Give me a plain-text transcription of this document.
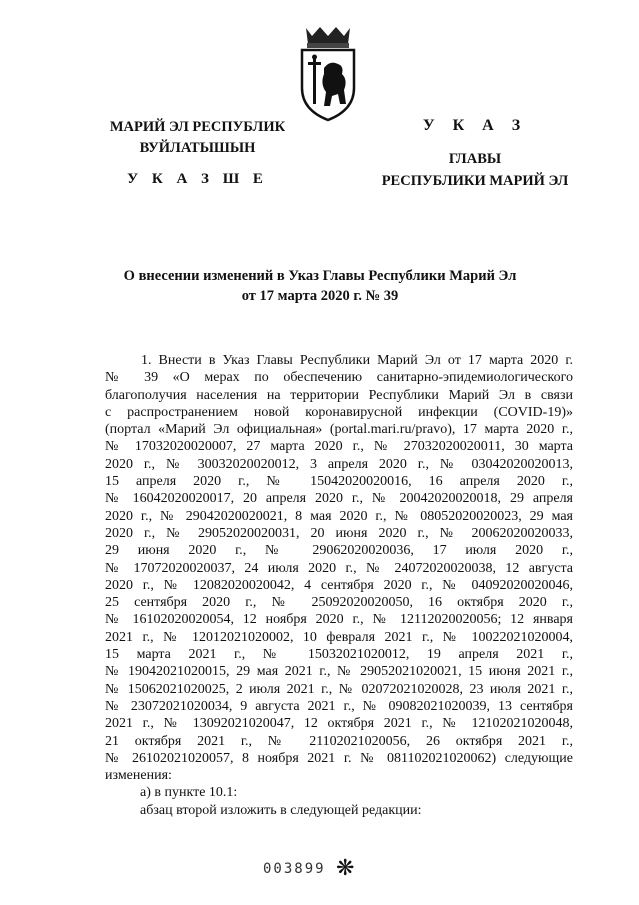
МАРИЙ ЭЛ РЕСПУБЛИК
ВУЙЛАТЫШЫН
У К А З Ш Е
У К А З
ГЛАВЫ
РЕСПУБЛИКИ МАРИЙ ЭЛ
О внесении изменений в Указ Главы Республики Марий Эл
от 17 марта 2020 г. № 39
1. Внести в Указ Главы Республики Марий Эл от 17 марта 2020 г.
№ 39 «О мерах по обеспечению санитарно-эпидемиологического
благополучия населения на территории Республики Марий Эл в связи
с распространением новой коронавирусной инфекции (COVID-19)»
(портал «Марий Эл официальная» (portal.mari.ru/pravo), 17 марта 2020 г.,
№ 17032020020007, 27 марта 2020 г., № 27032020020011, 30 марта
2020 г., № 30032020020012, 3 апреля 2020 г., № 03042020020013,
15 апреля 2020 г., № 15042020020016, 16 апреля 2020 г.,
№ 16042020020017, 20 апреля 2020 г., № 20042020020018, 29 апреля
2020 г., № 29042020020021, 8 мая 2020 г., № 08052020020023, 29 мая
2020 г., № 29052020020031, 20 июня 2020 г., № 20062020020033,
29 июня 2020 г., № 29062020020036, 17 июля 2020 г.,
№ 17072020020037, 24 июля 2020 г., № 24072020020038, 12 августа
2020 г., № 12082020020042, 4 сентября 2020 г., № 04092020020046,
25 сентября 2020 г., № 25092020020050, 16 октября 2020 г.,
№ 16102020020054, 12 ноября 2020 г., № 12112020020056; 12 января
2021 г., № 12012021020002, 10 февраля 2021 г., № 10022021020004,
15 марта 2021 г., № 15032021020012, 19 апреля 2021 г.,
№ 19042021020015, 29 мая 2021 г., № 29052021020021, 15 июня 2021 г.,
№ 15062021020025, 2 июля 2021 г., № 02072021020028, 23 июля 2021 г.,
№ 23072021020034, 9 августа 2021 г., № 09082021020039, 13 сентября
2021 г., № 13092021020047, 12 октября 2021 г., № 12102021020048,
21 октября 2021 г., № 21102021020056, 26 октября 2021 г.,
№ 26102021020057, 8 ноября 2021 г. № 081102021020062) следующие
изменения:
а) в пункте 10.1:
абзац второй изложить в следующей редакции:
003899 ❋
